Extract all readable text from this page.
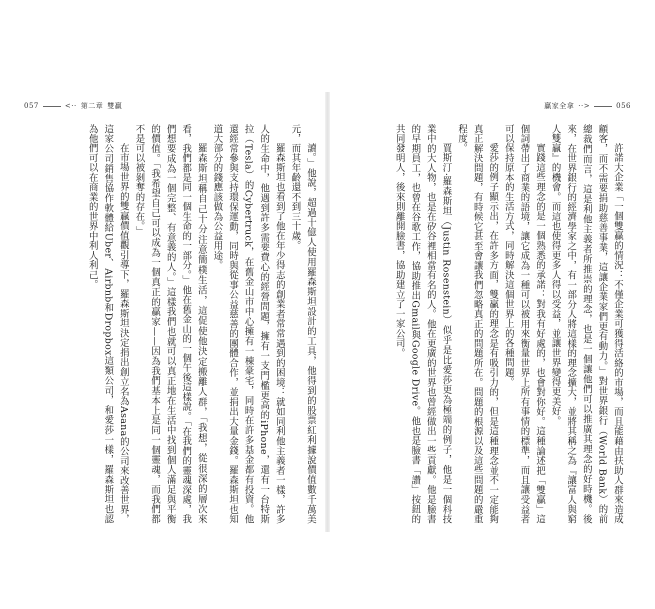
057	<·· 第二章 雙贏

讀。」他說，超過十億人使用羅森斯坦設計的工具，他得到的股票紅利據說價值數千萬美元，而其年齡還不到三十歲。

羅森斯坦也看到了他在年少得志的創業者常常遇到的困境：就如同利他主義者一樣，許多人的生命中，他遇到許多需要費心的經營問題，擁有一支門檻更高的iPhone，還有一台特斯拉（Tesla）的Cybertruck，在舊金山市中心擁有一棟豪宅，同時在許多基金都有投資。他還經常參與支持環保運動，同時與從事公益慈善的團體合作，並捐出大量金錢。羅森斯坦也知道大部分的錢應該做為公益用途。

羅森斯坦稱自己十分注意簡樸生活，這促使他決定搬離人群，「我想，從很深的層次來看，我們都是同一個生命的一部分。」他在舊金山的一個午後這樣說。「在我們的靈魂深處，我們想要成為一個完整、有意義的人。」這樣我們也就可以真正地在生活中找到個人滿足與平衡的價值。「我希望自己可以成為一個真正的贏家——因為我們基本上是同一個靈魂，而我們都不是可以被剝奪的存在。」

在市場世界的雙贏價值觀引導下，羅森斯坦決定捐出創立名為Asana的公司來改善世界，這家公司銷售協作軟體給Uber、Airbnb和Dropbox這類公司，和愛莎一樣，羅森斯坦也認為他們可以在商業的世界中利人利己。

贏家全拿 ··>	056

許諾大企業「一個雙贏的情況：不僅企業可獲得活絡的市場，而且能藉由扶助人群來造成顧客，而不需要捐助慈善事業，這讓企業家們更有動力。」對世界銀行（World Bank）的前總裁們而言，這是利他主義者所推崇的理念，也是一個讓他們可以推廣其理念的好時機。後來，在世界銀行的經濟學家之中，有一部分人將這樣的理念擴大，並將其稱之為『讓富人與窮人雙贏』的機會。而這也使得更多人得以受益，並讓世界變得更美好。

實踐這些理念的是一個熟悉的承諾：對我有好處的，也會對你好。這種論述把「雙贏」這個詞帶出了商業的語境，讓它成為一種可以被用來衡量世界上所有事情的標準，而且讓受益者可以保持原本的生活方式，同時解決這個世界上的各種問題。

愛莎的例子顯示出，在許多方面，雙贏的理念是有吸引力的，但是這種理念並不一定能夠真正解決問題，有時候它甚至會讓我們忽略真正的問題所在。問題的根源以及這些問題的嚴重程度。

賈斯汀·羅森斯坦（Justin Rosenstein）似乎是比愛莎更為極端的例子，他是一個科技業中的大人物，也是在矽谷裡相當有名的人。他在更廣的世界也曾經做出一些貢獻。他是臉書的早期員工，也曾在谷歌工作，協助推出Gmail與Google Drive。他也是臉書「讚」按鈕的共同發明人，後來則離開臉書，協助建立了一家公司。
